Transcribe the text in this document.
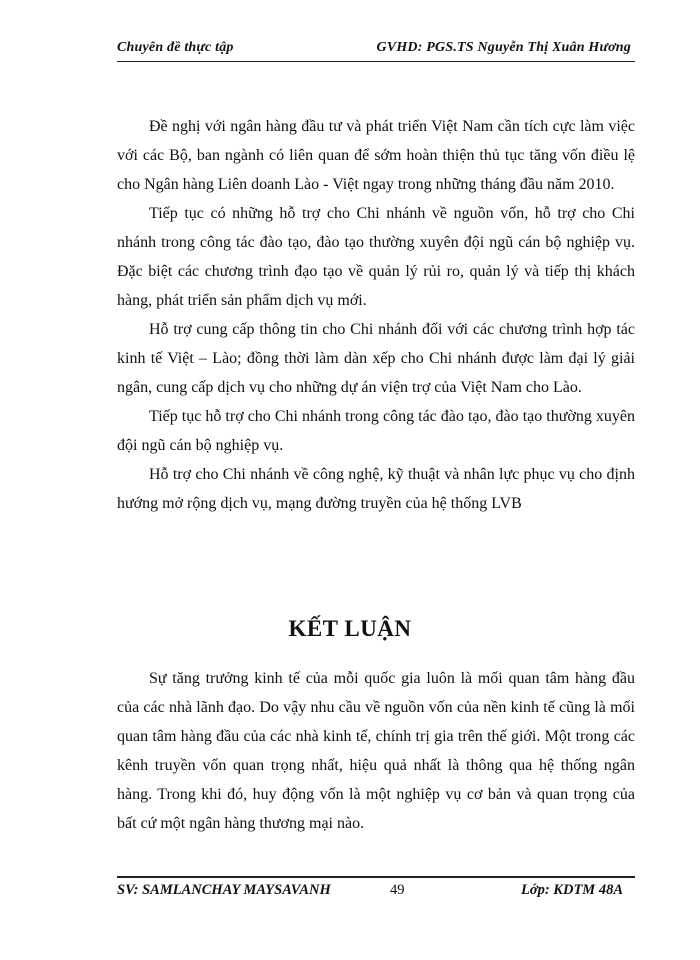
Chuyên đề thực tập	GVHD: PGS.TS Nguyễn Thị Xuân Hương

Đề nghị với ngân hàng đầu tư và phát triển Việt Nam cần tích cực làm việc với các Bộ, ban ngành có liên quan để sớm hoàn thiện thủ tục tăng vốn điều lệ cho Ngân hàng Liên doanh Lào - Việt ngay trong những tháng đầu năm 2010.

Tiếp tục có những hỗ trợ cho Chi nhánh về nguồn vốn, hỗ trợ cho Chi nhánh trong công tác đào tạo, đào tạo thường xuyên đội ngũ cán bộ nghiệp vụ. Đặc biệt các chương trình đạo tạo về quản lý rủi ro, quản lý và tiếp thị khách hàng, phát triển sản phẩm dịch vụ mới.

Hỗ trợ cung cấp thông tin cho Chi nhánh đối với các chương trình hợp tác kinh tế Việt – Lào; đồng thời làm dàn xếp cho Chi nhánh được làm đại lý giải ngân, cung cấp dịch vụ cho những dự án viện trợ của Việt Nam cho Lào.

Tiếp tục hỗ trợ cho Chi nhánh trong công tác đào tạo, đào tạo thường xuyên đội ngũ cán bộ nghiệp vụ.

Hỗ trợ cho Chi nhánh về công nghệ, kỹ thuật và nhân lực phục vụ cho định hướng mở rộng dịch vụ, mạng đường truyền của hệ thống LVB

KẾT LUẬN

Sự tăng trưởng kinh tế của mỗi quốc gia luôn là mối quan tâm hàng đầu của các nhà lãnh đạo. Do vậy nhu cầu về nguồn vốn của nền kinh tế cũng là mối quan tâm hàng đầu của các nhà kinh tế, chính trị gia trên thế giới. Một trong các kênh truyền vốn quan trọng nhất, hiệu quả nhất là thông qua hệ thống ngân hàng. Trong khi đó, huy động vốn là một nghiệp vụ cơ bản và quan trọng của bất cứ một ngân hàng thương mại nào.

SV: SAMLANCHAY MAYSAVANH	49	Lớp: KDTM 48A
